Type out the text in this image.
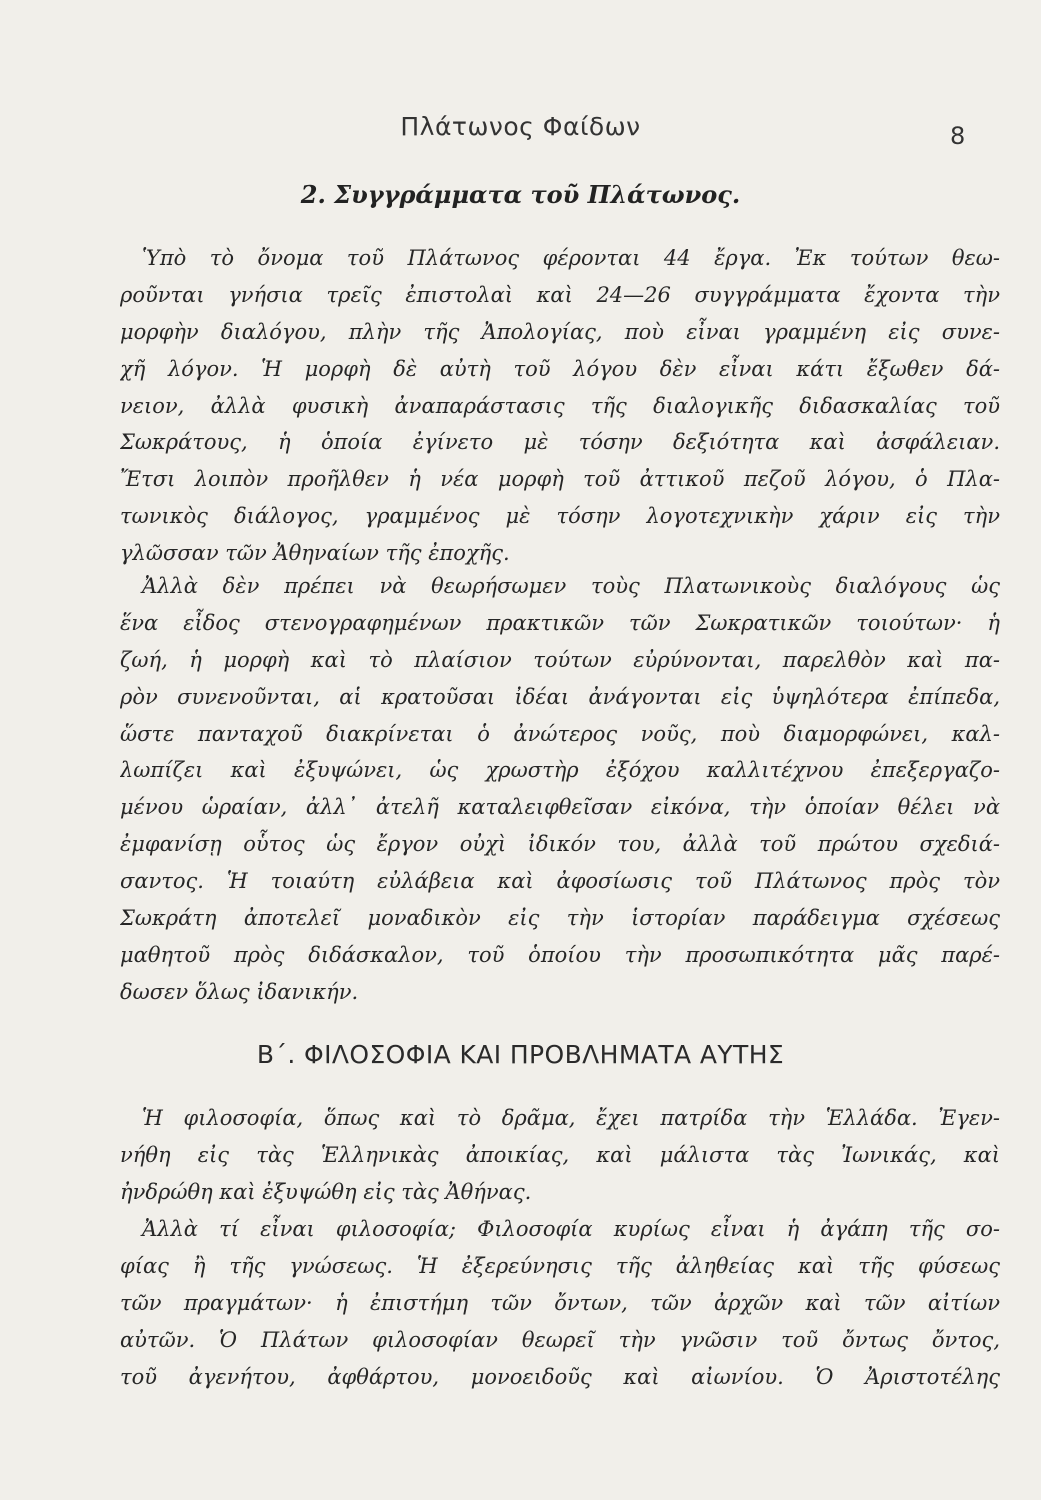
Πλάτωνος Φαίδων	8
2. Συγγράμματα τοῦ Πλάτωνος.
Ὑπὸ τὸ ὄνομα τοῦ Πλάτωνος φέρονται 44 ἔργα. Ἐκ τούτων θεω-
ροῦνται γνήσια τρεῖς ἐπιστολαὶ καὶ 24—26 συγγράμματα ἔχοντα τὴν
μορφὴν διαλόγου, πλὴν τῆς Ἀπολογίας, ποὺ εἶναι γραμμένη εἰς συνε-
χῆ λόγον. Ἡ μορφὴ δὲ αὐτὴ τοῦ λόγου δὲν εἶναι κάτι ἔξωθεν δά-
νειον, ἀλλὰ φυσικὴ ἀναπαράστασις τῆς διαλογικῆς διδασκαλίας τοῦ
Σωκράτους, ἡ ὁποία ἐγίνετο μὲ τόσην δεξιότητα καὶ ἀσφάλειαν.
Ἔτσι λοιπὸν προῆλθεν ἡ νέα μορφὴ τοῦ ἀττικοῦ πεζοῦ λόγου, ὁ Πλα-
τωνικὸς διάλογος, γραμμένος μὲ τόσην λογοτεχνικὴν χάριν εἰς τὴν
γλῶσσαν τῶν Ἀθηναίων τῆς ἐποχῆς.
Ἀλλὰ δὲν πρέπει νὰ θεωρήσωμεν τοὺς Πλατωνικοὺς διαλόγους ὡς
ἕνα εἶδος στενογραφημένων πρακτικῶν τῶν Σωκρατικῶν τοιούτων· ἡ
ζωή, ἡ μορφὴ καὶ τὸ πλαίσιον τούτων εὐρύνονται, παρελθὸν καὶ πα-
ρὸν συνενοῦνται, αἱ κρατοῦσαι ἰδέαι ἀνάγονται εἰς ὑψηλότερα ἐπίπεδα,
ὥστε πανταχοῦ διακρίνεται ὁ ἀνώτερος νοῦς, ποὺ διαμορφώνει, καλ-
λωπίζει καὶ ἐξυψώνει, ὡς χρωστὴρ ἐξόχου καλλιτέχνου ἐπεξεργαζο-
μένου ὡραίαν, ἀλλ᾽ ἀτελῆ καταλειφθεῖσαν εἰκόνα, τὴν ὁποίαν θέλει νὰ
ἐμφανίσῃ οὗτος ὡς ἔργον οὐχὶ ἰδικόν του, ἀλλὰ τοῦ πρώτου σχεδιά-
σαντος. Ἡ τοιαύτη εὐλάβεια καὶ ἀφοσίωσις τοῦ Πλάτωνος πρὸς τὸν
Σωκράτη ἀποτελεῖ μοναδικὸν εἰς τὴν ἱστορίαν παράδειγμα σχέσεως
μαθητοῦ πρὸς διδάσκαλον, τοῦ ὁποίου τὴν προσωπικότητα μᾶς παρέ-
δωσεν ὅλως ἰδανικήν.
Β΄. ΦΙΛΟΣΟΦΙΑ ΚΑΙ ΠΡΟΒΛΗΜΑΤΑ ΑΥΤΗΣ
Ἡ φιλοσοφία, ὅπως καὶ τὸ δρᾶμα, ἔχει πατρίδα τὴν Ἑλλάδα. Ἐγεν-
νήθη εἰς τὰς Ἑλληνικὰς ἀποικίας, καὶ μάλιστα τὰς Ἰωνικάς, καὶ
ἠνδρώθη καὶ ἐξυψώθη εἰς τὰς Ἀθήνας.
Ἀλλὰ τί εἶναι φιλοσοφία; Φιλοσοφία κυρίως εἶναι ἡ ἀγάπη τῆς σο-
φίας ἢ τῆς γνώσεως. Ἡ ἐξερεύνησις τῆς ἀληθείας καὶ τῆς φύσεως
τῶν πραγμάτων· ἡ ἐπιστήμη τῶν ὄντων, τῶν ἀρχῶν καὶ τῶν αἰτίων
αὐτῶν. Ὁ Πλάτων φιλοσοφίαν θεωρεῖ τὴν γνῶσιν τοῦ ὄντως ὄντος,
τοῦ ἀγενήτου, ἀφθάρτου, μονοειδοῦς καὶ αἰωνίου. Ὁ Ἀριστοτέλης
